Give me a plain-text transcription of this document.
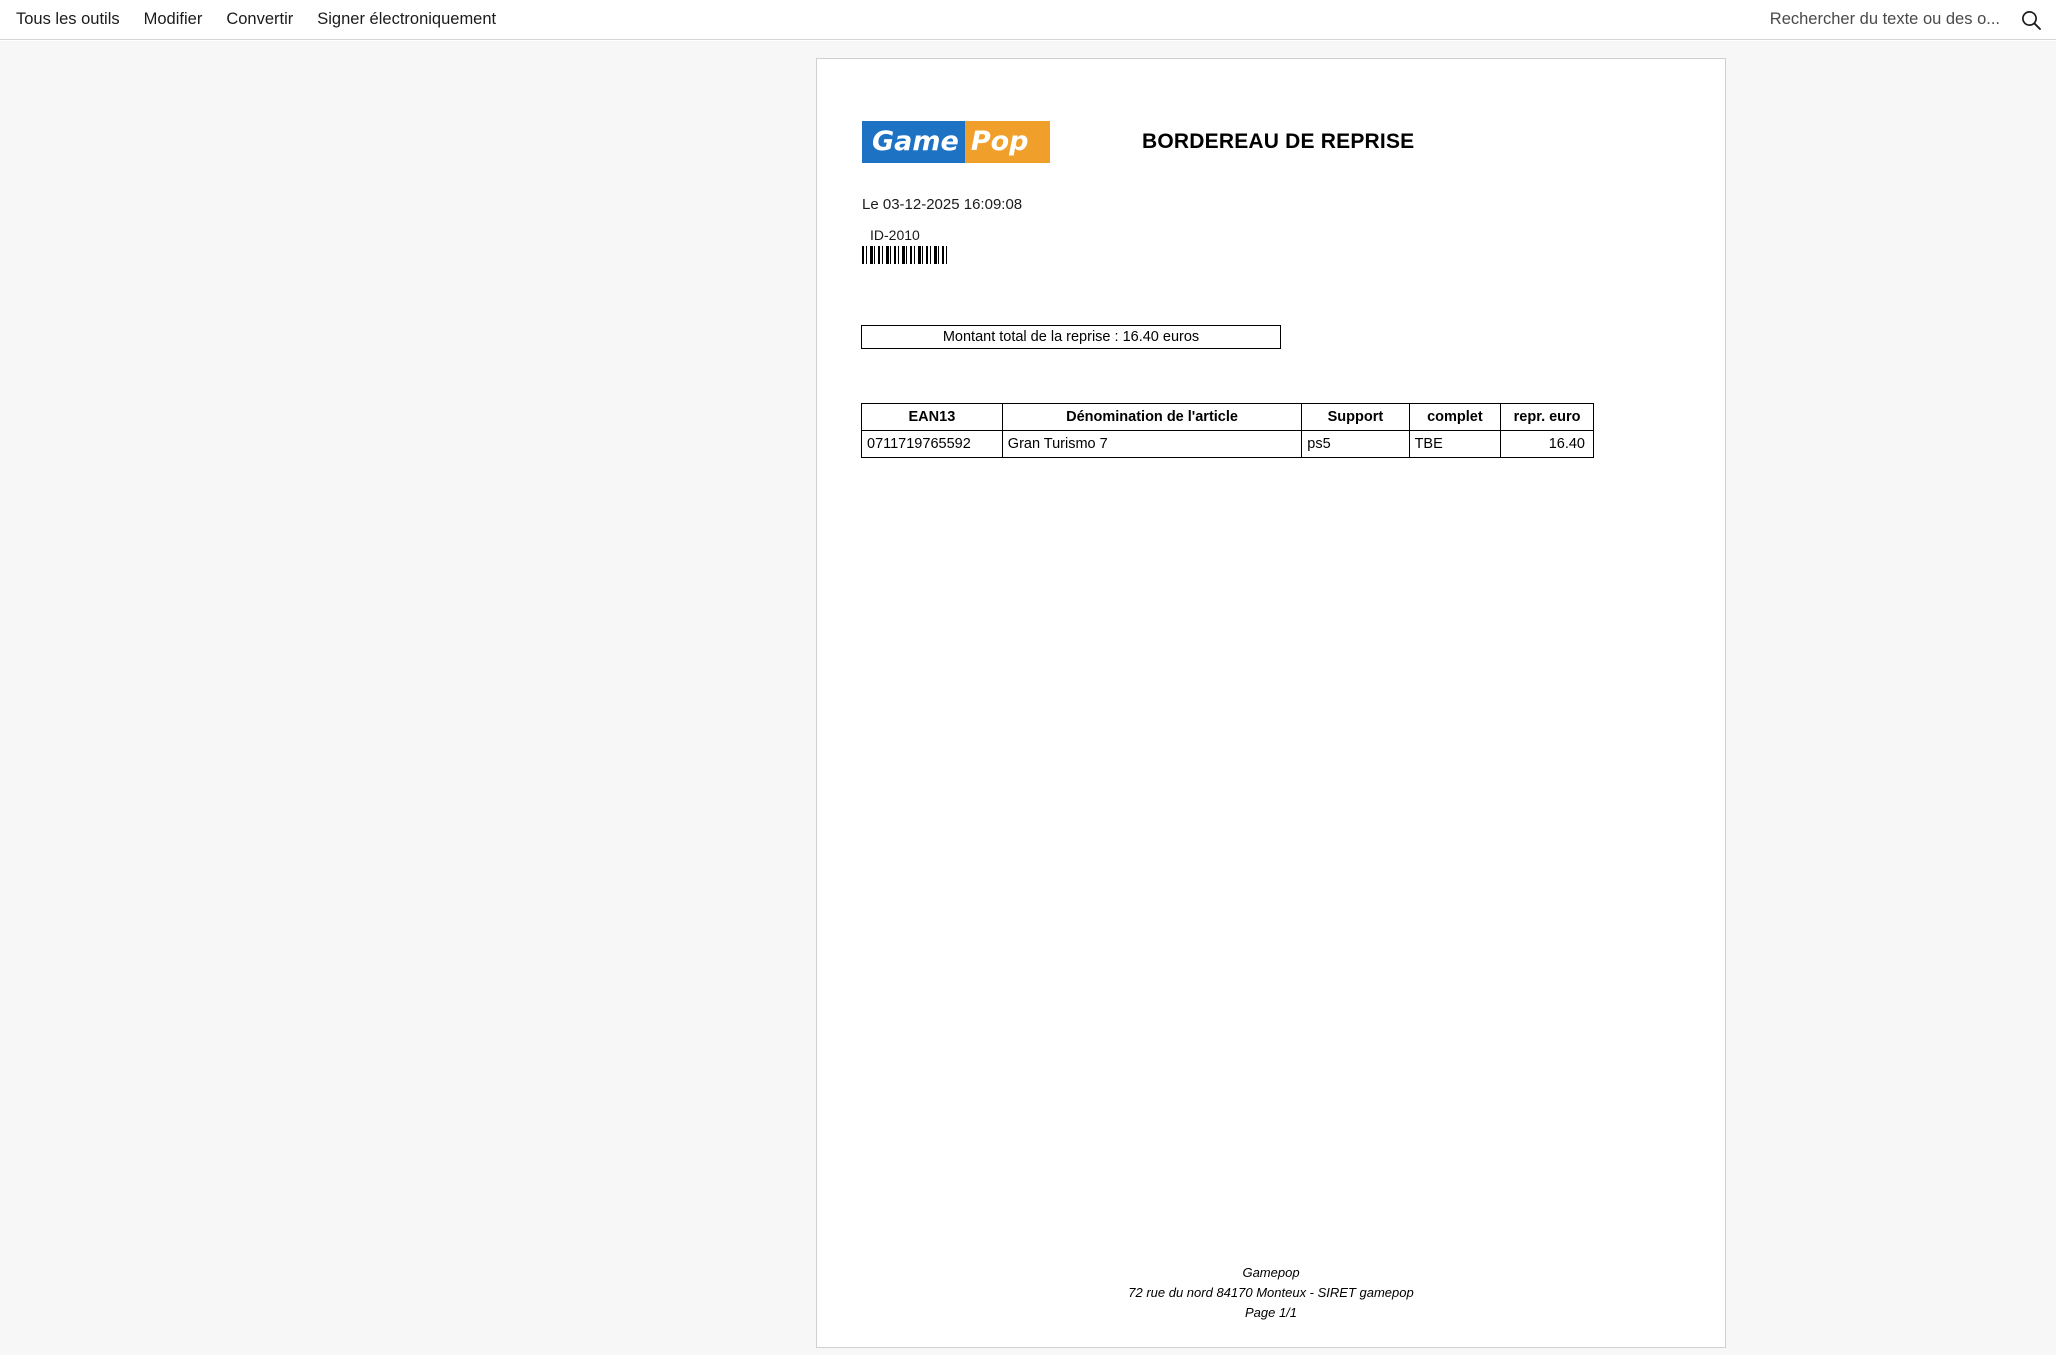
Tous les outils	Modifier	Convertir	Signer électroniquement	Rechercher du texte ou des o...
Game Pop	BORDEREAU DE REPRISE
Le 03-12-2025 16:09:08
ID-2010
Montant total de la reprise : 16.40 euros
EAN13	Dénomination de l'article	Support	complet	repr. euro
0711719765592	Gran Turismo 7	ps5	TBE	16.40
Gamepop
72 rue du nord 84170 Monteux - SIRET gamepop
Page 1/1
